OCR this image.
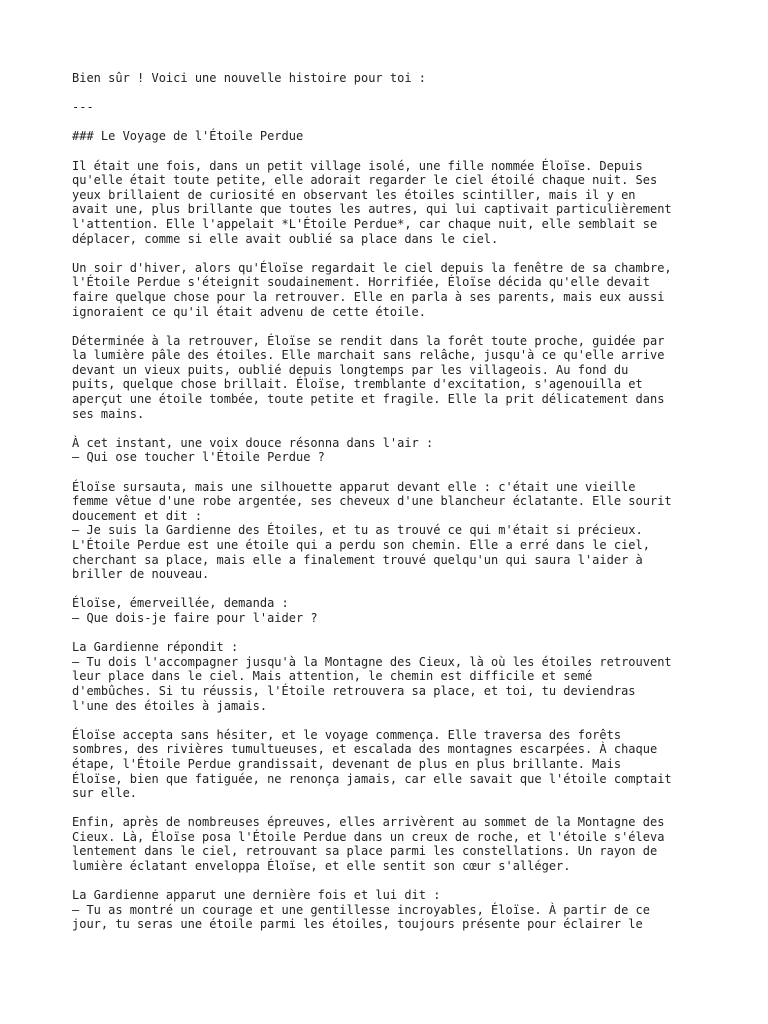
Bien sûr ! Voici une nouvelle histoire pour toi :
---
### Le Voyage de l'Étoile Perdue
Il était une fois, dans un petit village isolé, une fille nommée Éloïse. Depuis
qu'elle était toute petite, elle adorait regarder le ciel étoilé chaque nuit. Ses
yeux brillaient de curiosité en observant les étoiles scintiller, mais il y en
avait une, plus brillante que toutes les autres, qui lui captivait particulièrement
l'attention. Elle l'appelait *L'Étoile Perdue*, car chaque nuit, elle semblait se
déplacer, comme si elle avait oublié sa place dans le ciel.
Un soir d'hiver, alors qu'Éloïse regardait le ciel depuis la fenêtre de sa chambre,
l'Étoile Perdue s'éteignit soudainement. Horrifiée, Éloïse décida qu'elle devait
faire quelque chose pour la retrouver. Elle en parla à ses parents, mais eux aussi
ignoraient ce qu'il était advenu de cette étoile.
Déterminée à la retrouver, Éloïse se rendit dans la forêt toute proche, guidée par
la lumière pâle des étoiles. Elle marchait sans relâche, jusqu'à ce qu'elle arrive
devant un vieux puits, oublié depuis longtemps par les villageois. Au fond du
puits, quelque chose brillait. Éloïse, tremblante d'excitation, s'agenouilla et
aperçut une étoile tombée, toute petite et fragile. Elle la prit délicatement dans
ses mains.
À cet instant, une voix douce résonna dans l'air :
– Qui ose toucher l'Étoile Perdue ?
Éloïse sursauta, mais une silhouette apparut devant elle : c'était une vieille
femme vêtue d'une robe argentée, ses cheveux d'une blancheur éclatante. Elle sourit
doucement et dit :
– Je suis la Gardienne des Étoiles, et tu as trouvé ce qui m'était si précieux.
L'Étoile Perdue est une étoile qui a perdu son chemin. Elle a erré dans le ciel,
cherchant sa place, mais elle a finalement trouvé quelqu'un qui saura l'aider à
briller de nouveau.
Éloïse, émerveillée, demanda :
– Que dois-je faire pour l'aider ?
La Gardienne répondit :
– Tu dois l'accompagner jusqu'à la Montagne des Cieux, là où les étoiles retrouvent
leur place dans le ciel. Mais attention, le chemin est difficile et semé
d'embûches. Si tu réussis, l'Étoile retrouvera sa place, et toi, tu deviendras
l'une des étoiles à jamais.
Éloïse accepta sans hésiter, et le voyage commença. Elle traversa des forêts
sombres, des rivières tumultueuses, et escalada des montagnes escarpées. À chaque
étape, l'Étoile Perdue grandissait, devenant de plus en plus brillante. Mais
Éloïse, bien que fatiguée, ne renonça jamais, car elle savait que l'étoile comptait
sur elle.
Enfin, après de nombreuses épreuves, elles arrivèrent au sommet de la Montagne des
Cieux. Là, Éloïse posa l'Étoile Perdue dans un creux de roche, et l'étoile s'éleva
lentement dans le ciel, retrouvant sa place parmi les constellations. Un rayon de
lumière éclatant enveloppa Éloïse, et elle sentit son cœur s'alléger.
La Gardienne apparut une dernière fois et lui dit :
– Tu as montré un courage et une gentillesse incroyables, Éloïse. À partir de ce
jour, tu seras une étoile parmi les étoiles, toujours présente pour éclairer le
